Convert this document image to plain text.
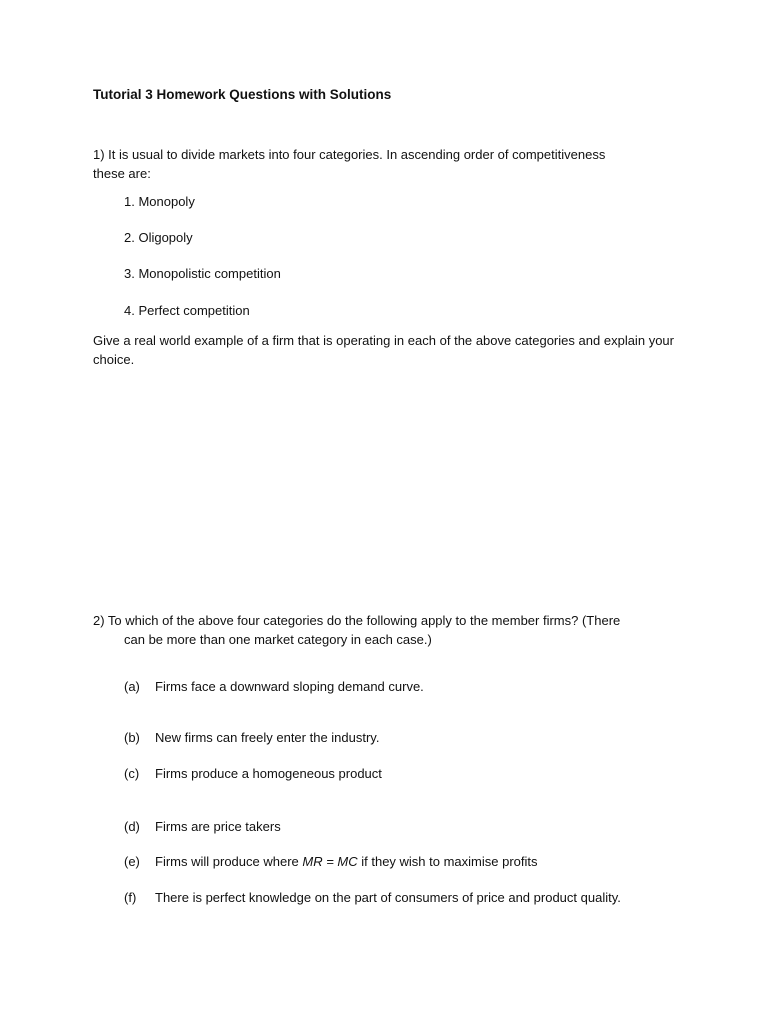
Tutorial 3 Homework Questions with Solutions
1) It is usual to divide markets into four categories. In ascending order of competitiveness
these are:
1. Monopoly
2. Oligopoly
3. Monopolistic competition
4. Perfect competition
Give a real world example of a firm that is operating in each of the above categories and explain your choice.
2) To which of the above four categories do the following apply to the member firms? (There
can be more than one market category in each case.)
(a) Firms face a downward sloping demand curve.
(b) New firms can freely enter the industry.
(c) Firms produce a homogeneous product
(d) Firms are price takers
(e) Firms will produce where MR = MC if they wish to maximise profits
(f) There is perfect knowledge on the part of consumers of price and product quality.
